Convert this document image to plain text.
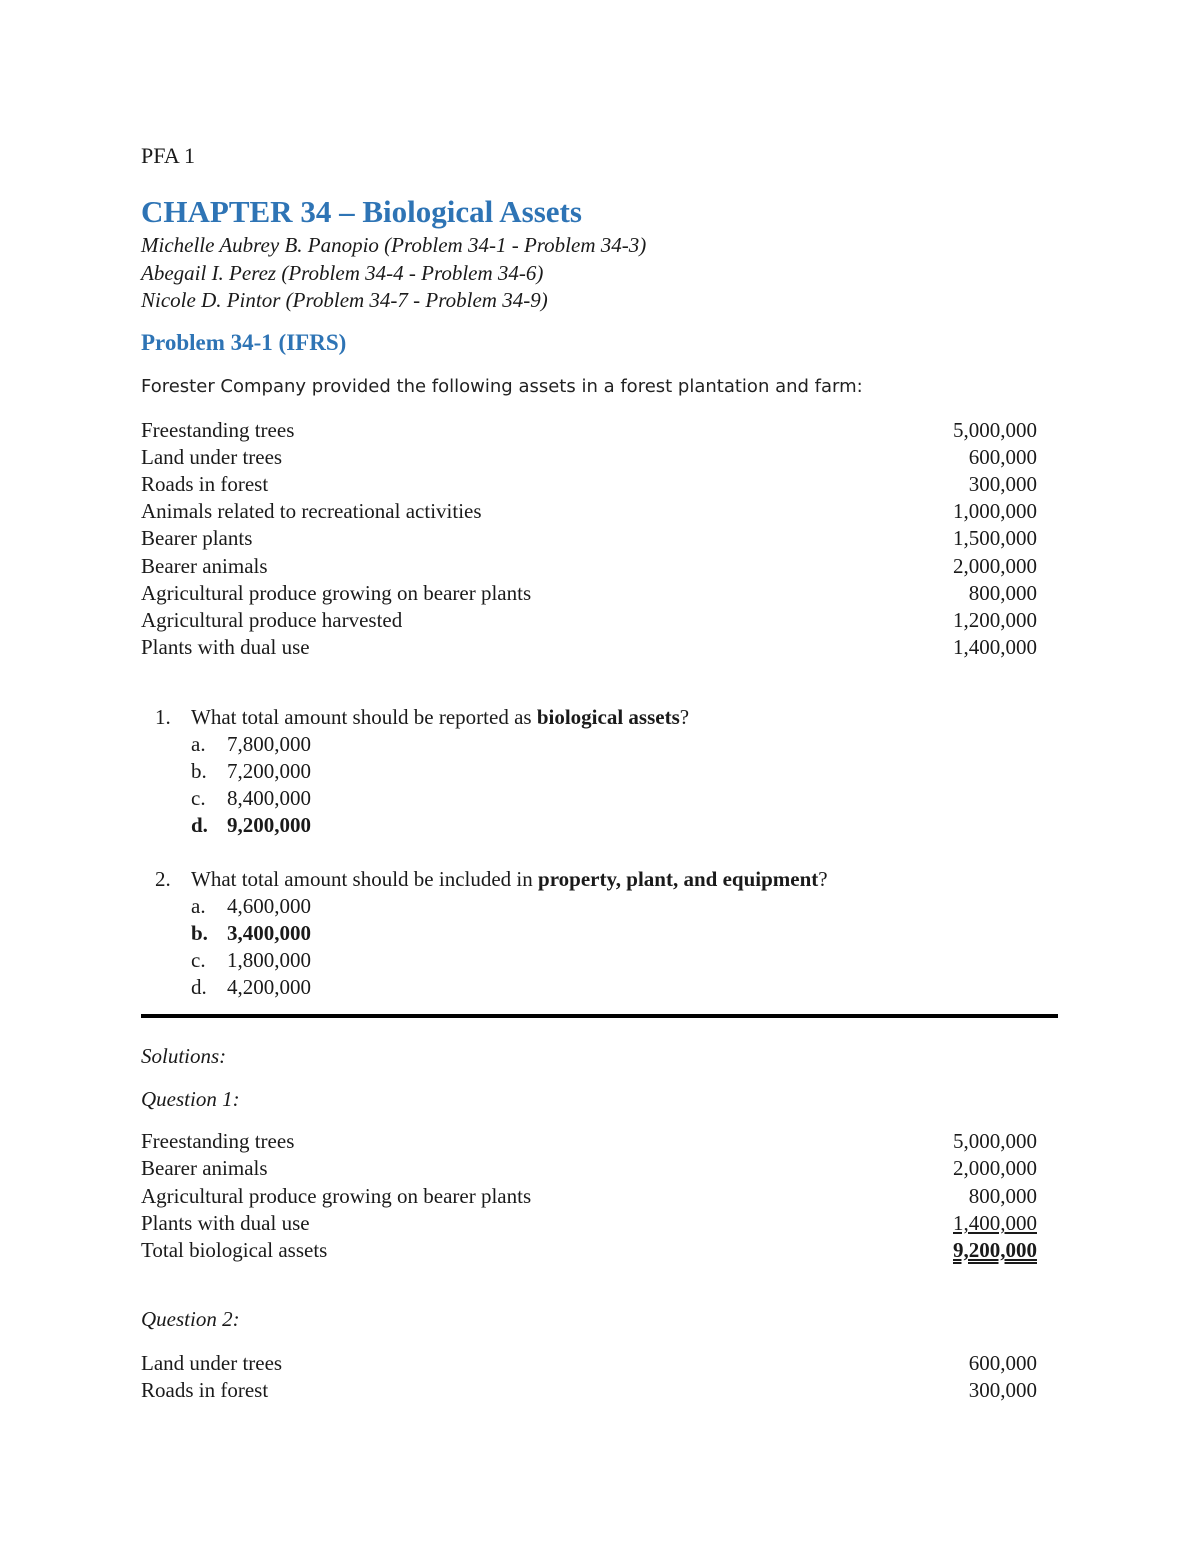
PFA 1
CHAPTER 34 – Biological Assets
Michelle Aubrey B. Panopio (Problem 34-1 - Problem 34-3)
Abegail I. Perez (Problem 34-4 - Problem 34-6)
Nicole D. Pintor (Problem 34-7 - Problem 34-9)
Problem 34-1 (IFRS)
Forester Company provided the following assets in a forest plantation and farm:
Freestanding trees	5,000,000
Land under trees	600,000
Roads in forest	300,000
Animals related to recreational activities	1,000,000
Bearer plants	1,500,000
Bearer animals	2,000,000
Agricultural produce growing on bearer plants	800,000
Agricultural produce harvested	1,200,000
Plants with dual use	1,400,000
1. What total amount should be reported as biological assets?
a. 7,800,000
b. 7,200,000
c. 8,400,000
d. 9,200,000
2. What total amount should be included in property, plant, and equipment?
a. 4,600,000
b. 3,400,000
c. 1,800,000
d. 4,200,000
Solutions:
Question 1:
Freestanding trees	5,000,000
Bearer animals	2,000,000
Agricultural produce growing on bearer plants	800,000
Plants with dual use	1,400,000
Total biological assets	9,200,000
Question 2:
Land under trees	600,000
Roads in forest	300,000
